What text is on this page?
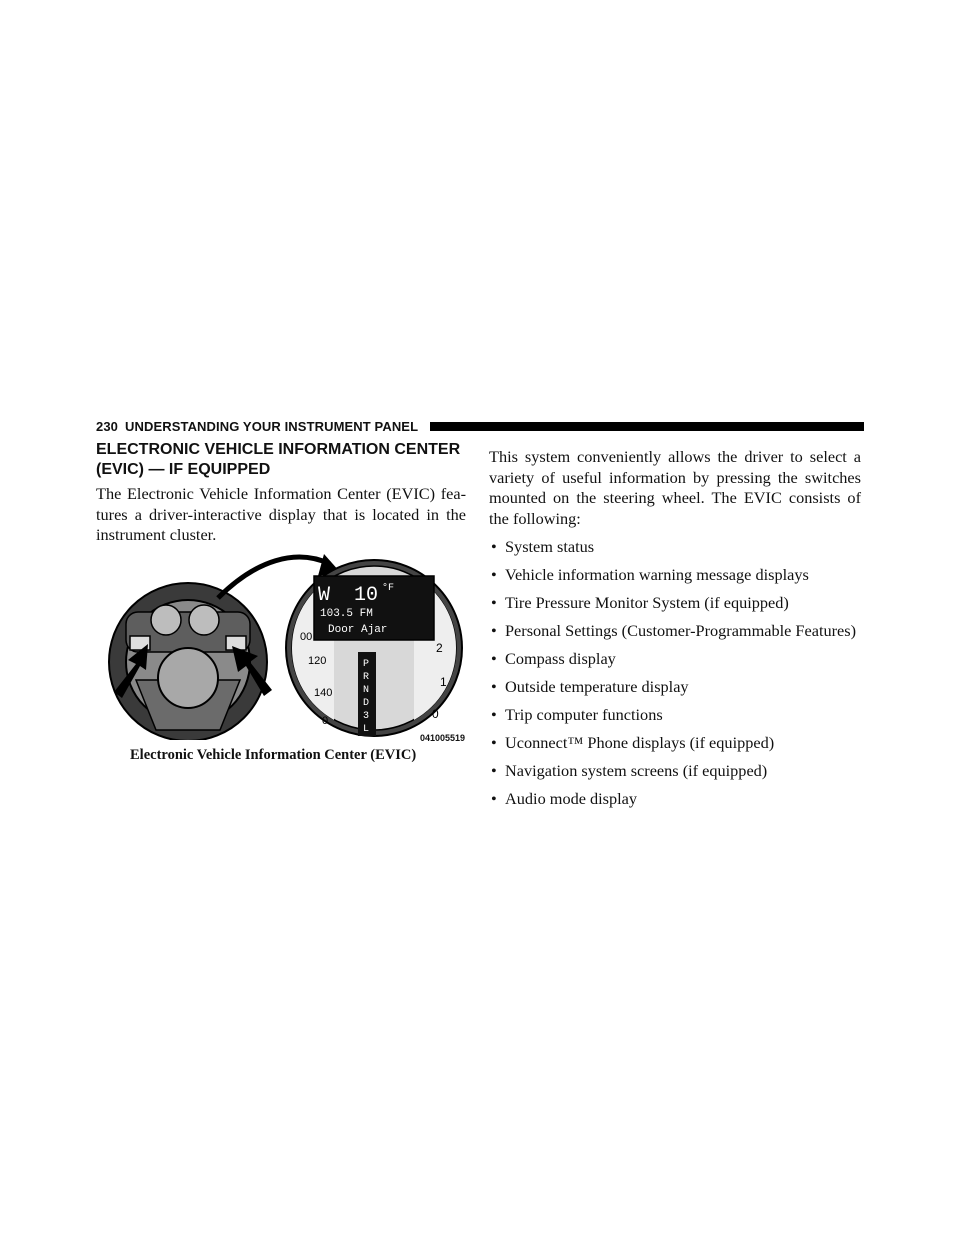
230 UNDERSTANDING YOUR INSTRUMENT PANEL
ELECTRONIC VEHICLE INFORMATION CENTER
(EVIC) — IF EQUIPPED

The Electronic Vehicle Information Center (EVIC) fea-tures a driver-interactive display that is located in the instrument cluster.

W 10 °F
103.5 FM
Door Ajar
P
R
N
D
3
L
00
120
140
0
2
1
0
041005519
Electronic Vehicle Information Center (EVIC)

This system conveniently allows the driver to select a variety of useful information by pressing the switches mounted on the steering wheel. The EVIC consists of the following:

• System status
• Vehicle information warning message displays
• Tire Pressure Monitor System (if equipped)
• Personal Settings (Customer-Programmable Features)
• Compass display
• Outside temperature display
• Trip computer functions
• Uconnect™ Phone displays (if equipped)
• Navigation system screens (if equipped)
• Audio mode display
